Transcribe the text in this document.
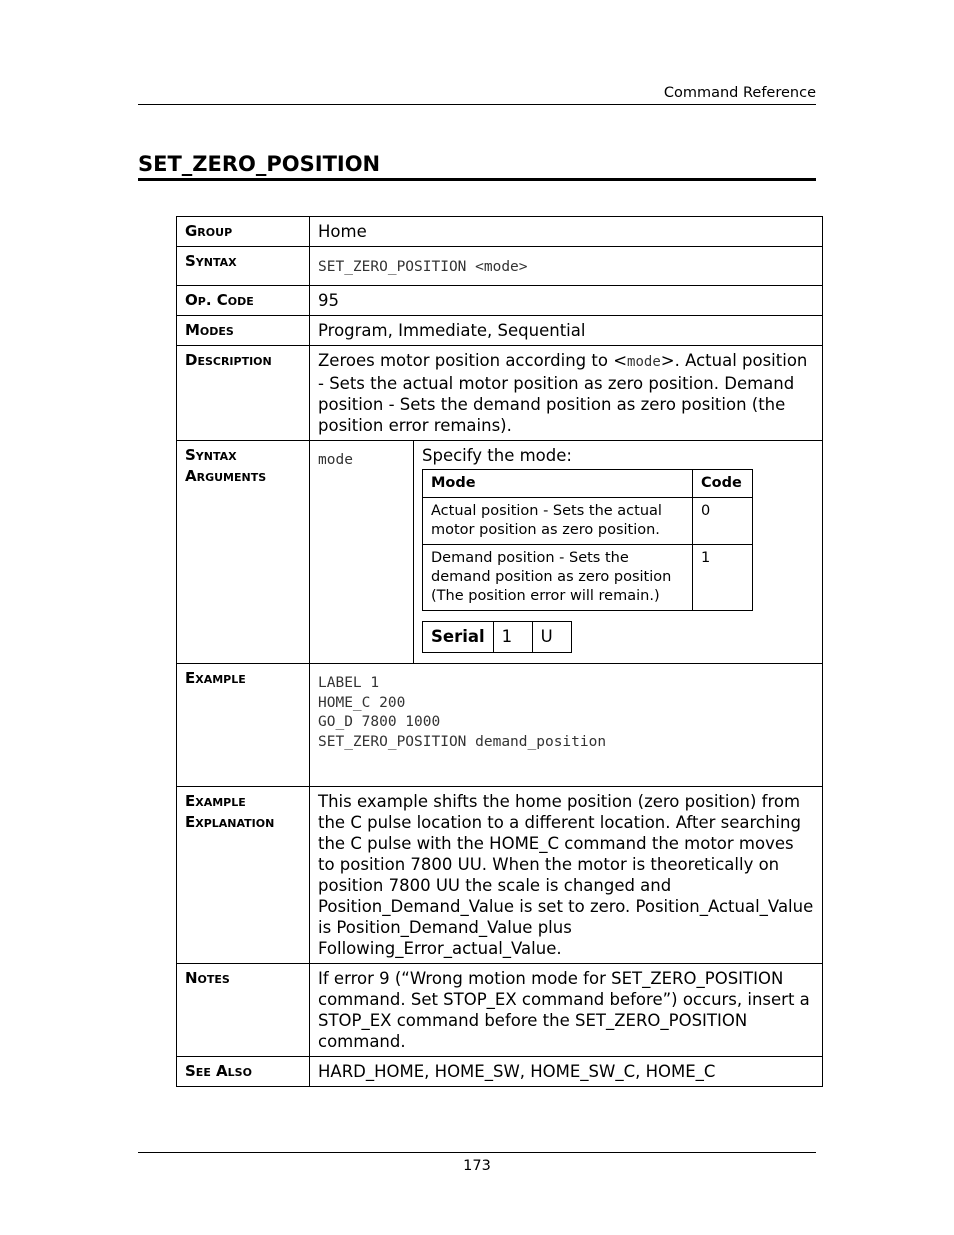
Command Reference
SET_ZERO_POSITION
Group	Home
Syntax	SET_ZERO_POSITION <mode>
Op. Code	95
Modes	Program, Immediate, Sequential
Description	Zeroes motor position according to <mode>. Actual position - Sets the actual motor position as zero position. Demand position - Sets the demand position as zero position (the position error remains).
Syntax
Arguments	
mode	Specify the mode:
Mode	Code
Actual position - Sets the actual motor position as zero position.	0
Demand position - Sets the demand position as zero position (The position error will remain.)	1
Serial	1	U

Example	LABEL 1
HOME_C 200
GO_D 7800 1000
SET_ZERO_POSITION demand_position

Example
Explanation	This example shifts the home position (zero position) from the C pulse location to a different location. After searching the C pulse with the HOME_C command the motor moves to position 7800 UU. When the motor is theoretically on position 7800 UU the scale is changed and Position_Demand_Value is set to zero. Position_Actual_Value is Position_Demand_Value plus Following_Error_actual_Value.
Notes	If error 9 (“Wrong motion mode for SET_ZERO_POSITION command. Set STOP_EX command before”) occurs, insert a STOP_EX command before the SET_ZERO_POSITION command.
See Also	HARD_HOME, HOME_SW, HOME_SW_C, HOME_C
173
